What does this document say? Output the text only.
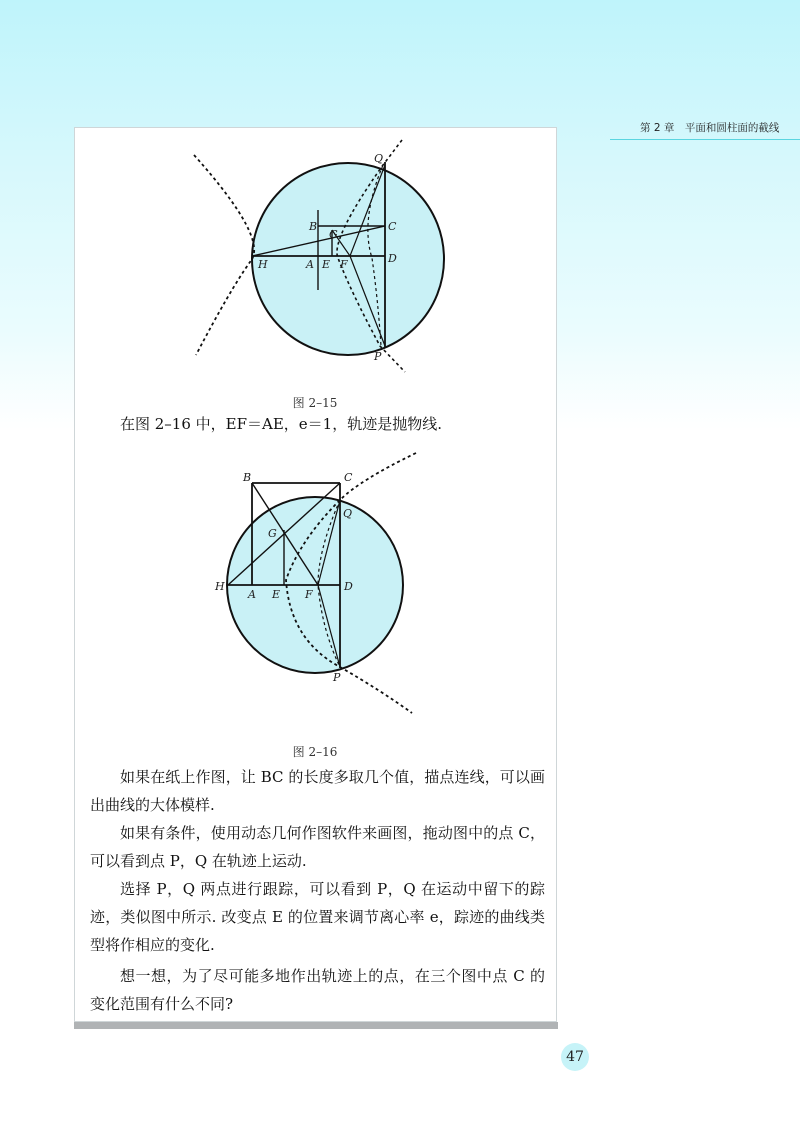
第 2 章　平面和圆柱面的截线
Q
B
G
C
H	A E F	D
P
B	C
Q
G
H
A E F
D
P
图 2–15

在图 2–16 中，EF＝AE，e＝1，轨迹是抛物线.

图 2–16

如果在纸上作图，让 BC 的长度多取几个值，描点连线，可以画出曲线的大体模样.

如果有条件，使用动态几何作图软件来画图，拖动图中的点 C，可以看到点 P，Q 在轨迹上运动.

选择 P，Q 两点进行跟踪，可以看到 P，Q 在运动中留下的踪迹，类似图中所示. 改变点 E 的位置来调节离心率 e，踪迹的曲线类型将作相应的变化.

想一想，为了尽可能多地作出轨迹上的点，在三个图中点 C 的变化范围有什么不同?

47
